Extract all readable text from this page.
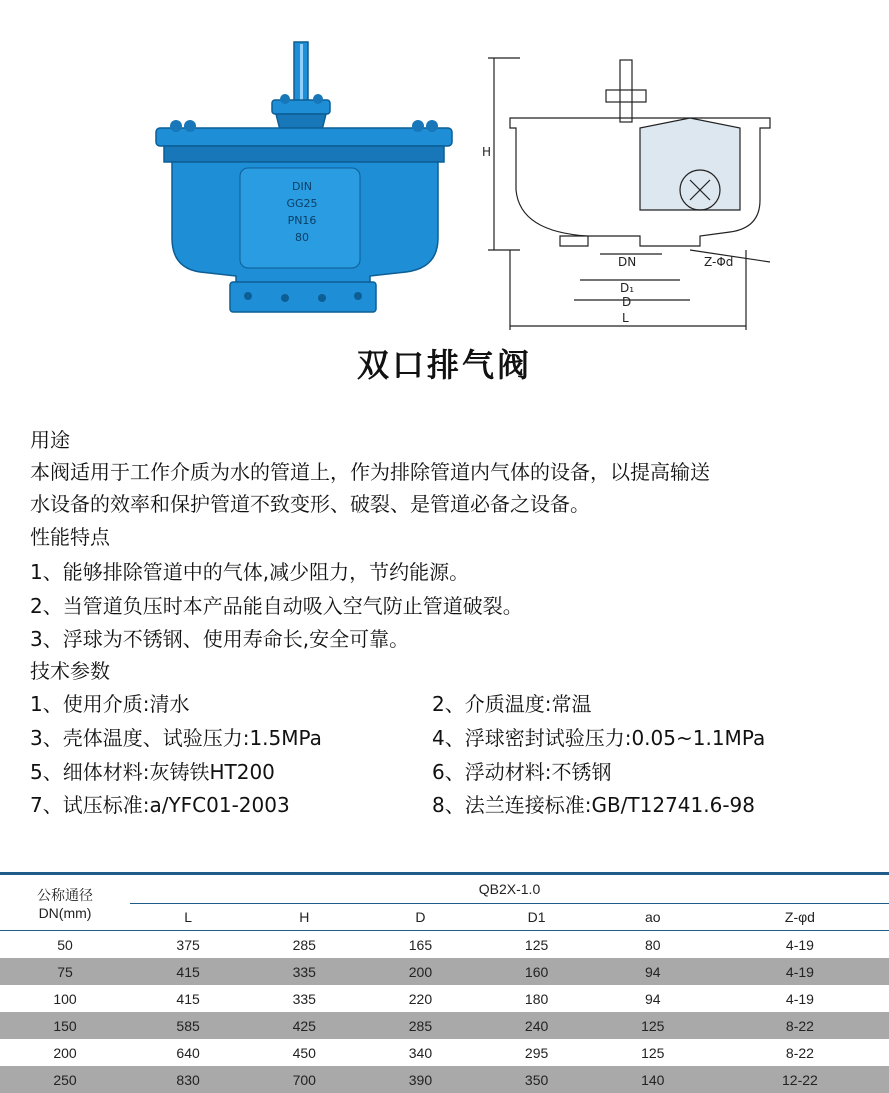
DIN
GG25
PN16
80
H
DN
D₁
D
L
Z-Φd
双口排气阀
用途
本阀适用于工作介质为水的管道上，作为排除管道内气体的设备，以提高输送
水设备的效率和保护管道不致变形、破裂、是管道必备之设备。
性能特点
1、能够排除管道中的气体,减少阻力，节约能源。
2、当管道负压时本产品能自动吸入空气防止管道破裂。
3、浮球为不锈钢、使用寿命长,安全可靠。
技术参数
1、使用介质:清水	2、介质温度:常温
3、壳体温度、试验压力:1.5MPa	4、浮球密封试验压力:0.05~1.1MPa
5、细体材料:灰铸铁HT200	6、浮动材料:不锈钢
7、试压标准:a/YFC01-2003	8、法兰连接标准:GB/T12741.6-98
公称通径
DN(mm)	QB2X-1.0					
	L	H	D	D1	ao	Z-φd
50	375	285	165	125	80	4-19
75	415	335	200	160	94	4-19
100	415	335	220	180	94	4-19
150	585	425	285	240	125	8-22
200	640	450	340	295	125	8-22
250	830	700	390	350	140	12-22
